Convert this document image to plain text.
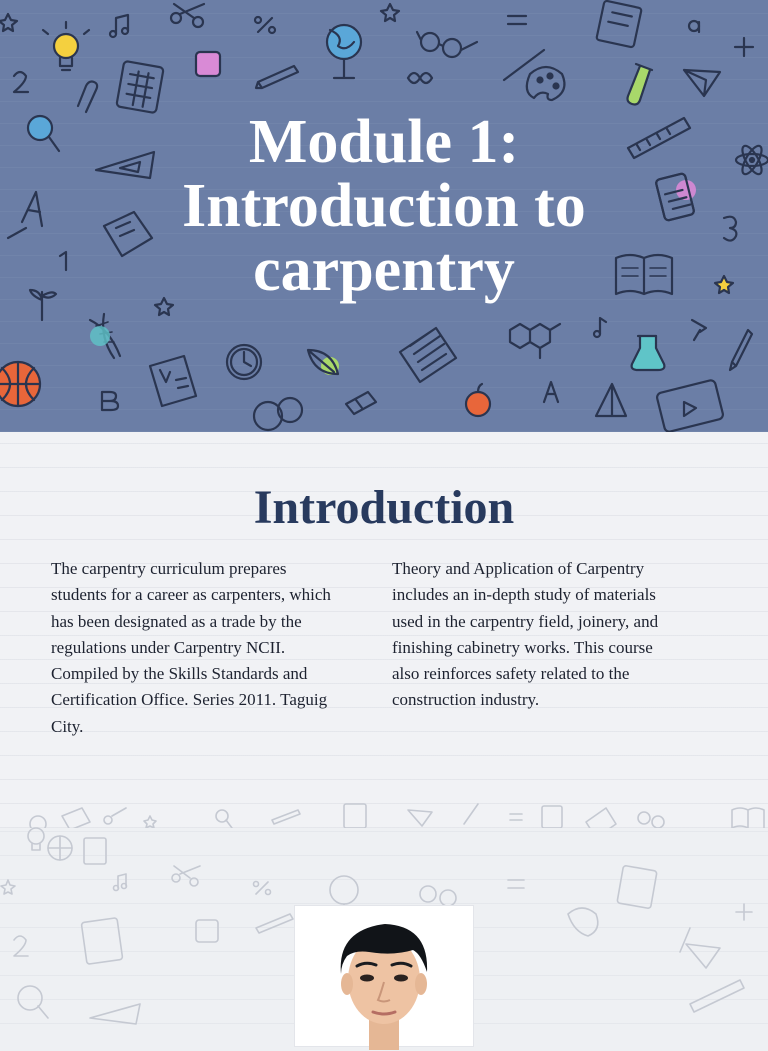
Module 1:
Introduction to
carpentry
Introduction
The carpentry curriculum prepares students for a career as carpenters, which has been designated as a trade by the regulations under Carpentry NCII. Compiled by the Skills Standards and Certification Office. Series 2011. Taguig City.
Theory and Application of Carpentry includes an in-depth study of materials used in the carpentry field, joinery, and finishing cabinetry works. This course also reinforces safety related to the construction industry.
